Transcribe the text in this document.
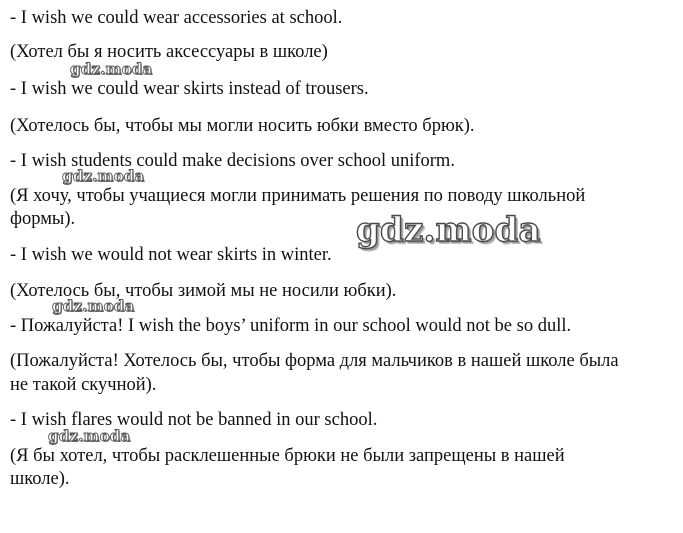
- I wish we could wear accessories at school.
(Хотел бы я носить аксессуары в школе)
gdz.moda
- I wish we could wear skirts instead of trousers.
(Хотелось бы, чтобы мы могли носить юбки вместо брюк).
- I wish students could make decisions over school uniform.
gdz.moda
(Я хочу, чтобы учащиеся могли принимать решения по поводу школьной
формы).	gdz.moda
- I wish we would not wear skirts in winter.
(Хотелось бы, чтобы зимой мы не носили юбки).
gdz.moda
- Пожалуйста! I wish the boys’ uniform in our school would not be so dull.
(Пожалуйста! Хотелось бы, чтобы форма для мальчиков в нашей школе была
не такой скучной).
- I wish flares would not be banned in our school.
gdz.moda
(Я бы хотел, чтобы расклешенные брюки не были запрещены в нашей
школе).
